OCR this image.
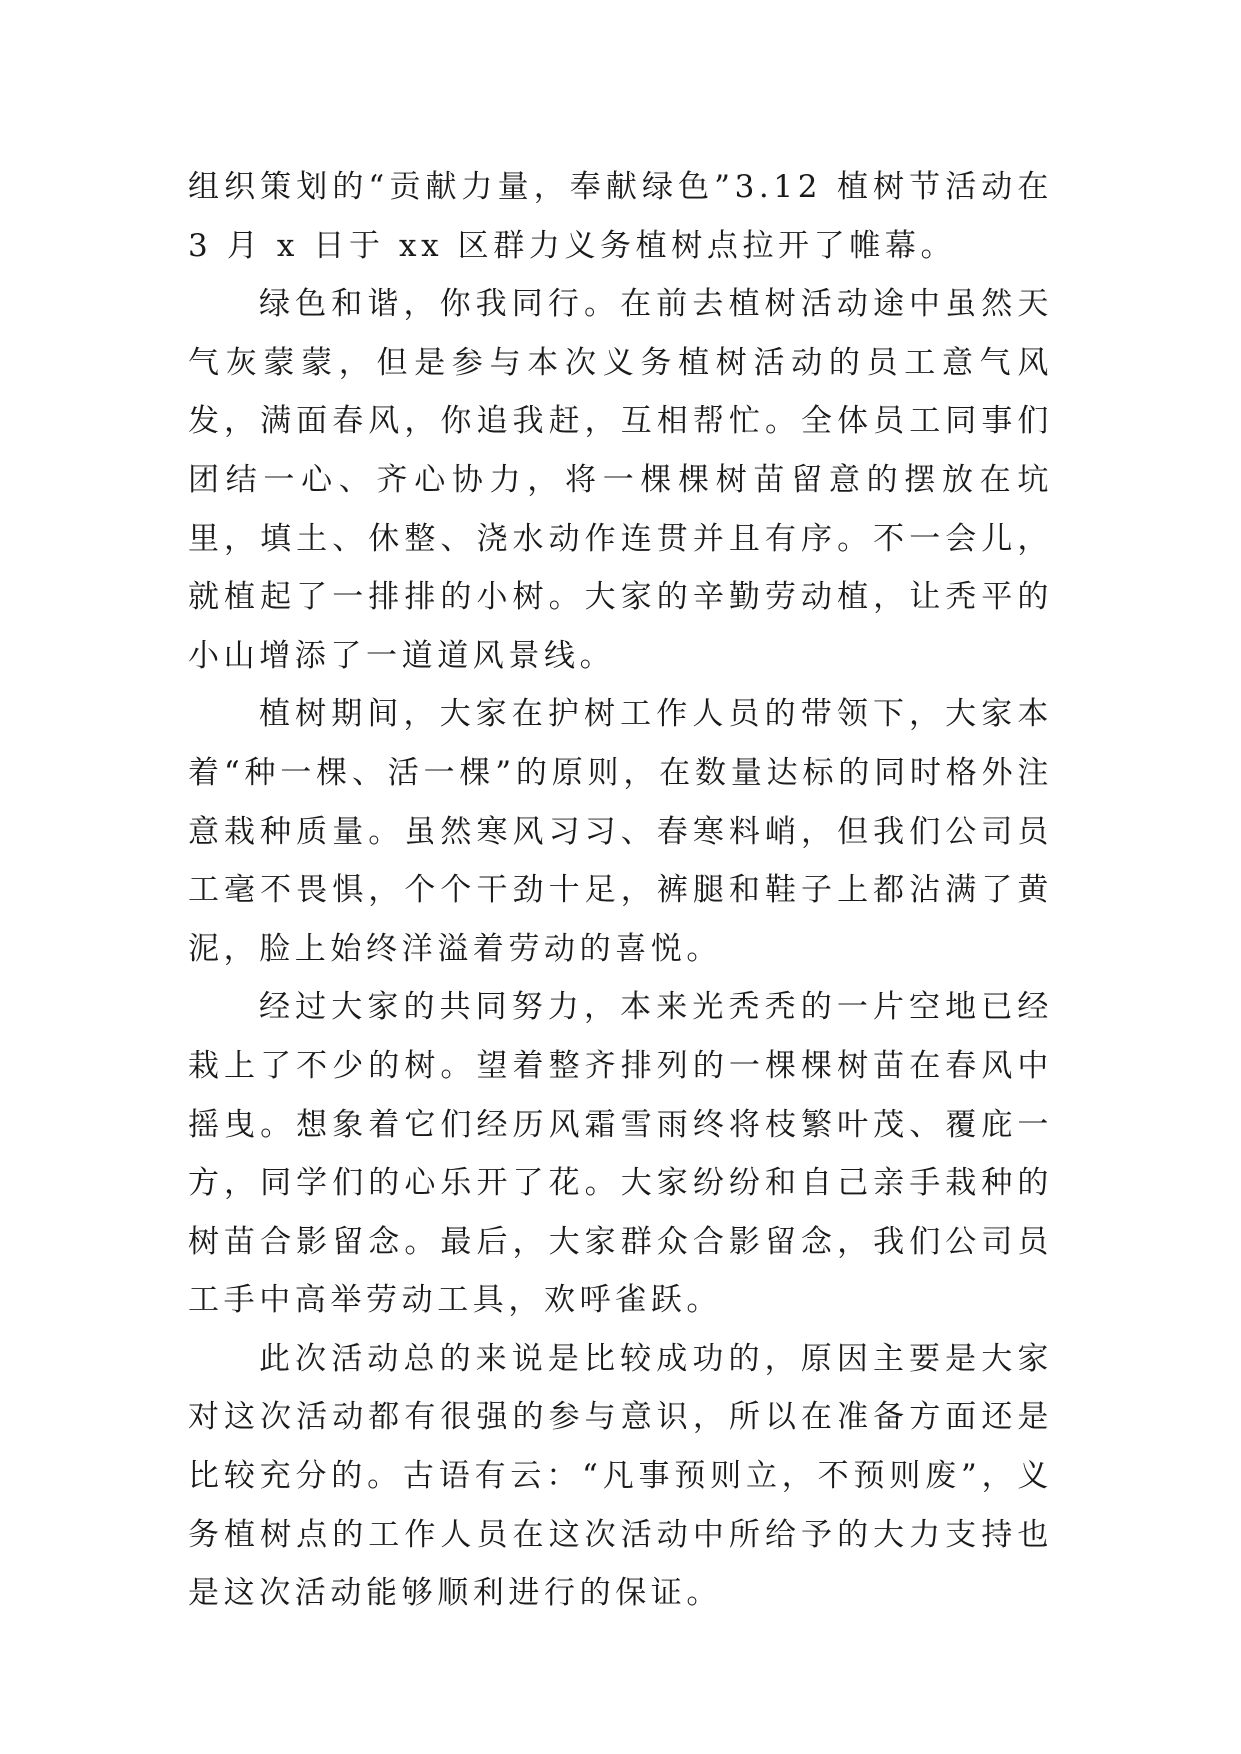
组织策划的“贡献力量，奉献绿色”3.12 植树节活动在 3 月 x 日于 xx 区群力义务植树点拉开了帷幕。

绿色和谐，你我同行。在前去植树活动途中虽然天气灰蒙蒙，但是参与本次义务植树活动的员工意气风发，满面春风，你追我赶，互相帮忙。全体员工同事们团结一心、齐心协力，将一棵棵树苗留意的摆放在坑里，填土、休整、浇水动作连贯并且有序。不一会儿，就植起了一排排的小树。大家的辛勤劳动植，让秃平的小山增添了一道道风景线。

植树期间，大家在护树工作人员的带领下，大家本着“种一棵、活一棵”的原则，在数量达标的同时格外注意栽种质量。虽然寒风习习、春寒料峭，但我们公司员工毫不畏惧，个个干劲十足，裤腿和鞋子上都沾满了黄泥，脸上始终洋溢着劳动的喜悦。

经过大家的共同努力，本来光秃秃的一片空地已经栽上了不少的树。望着整齐排列的一棵棵树苗在春风中摇曳。想象着它们经历风霜雪雨终将枝繁叶茂、覆庇一方，同学们的心乐开了花。大家纷纷和自己亲手栽种的树苗合影留念。最后，大家群众合影留念，我们公司员工手中高举劳动工具，欢呼雀跃。

此次活动总的来说是比较成功的，原因主要是大家对这次活动都有很强的参与意识，所以在准备方面还是比较充分的。古语有云：“凡事预则立，不预则废”，义务植树点的工作人员在这次活动中所给予的大力支持也是这次活动能够顺利进行的保证。
